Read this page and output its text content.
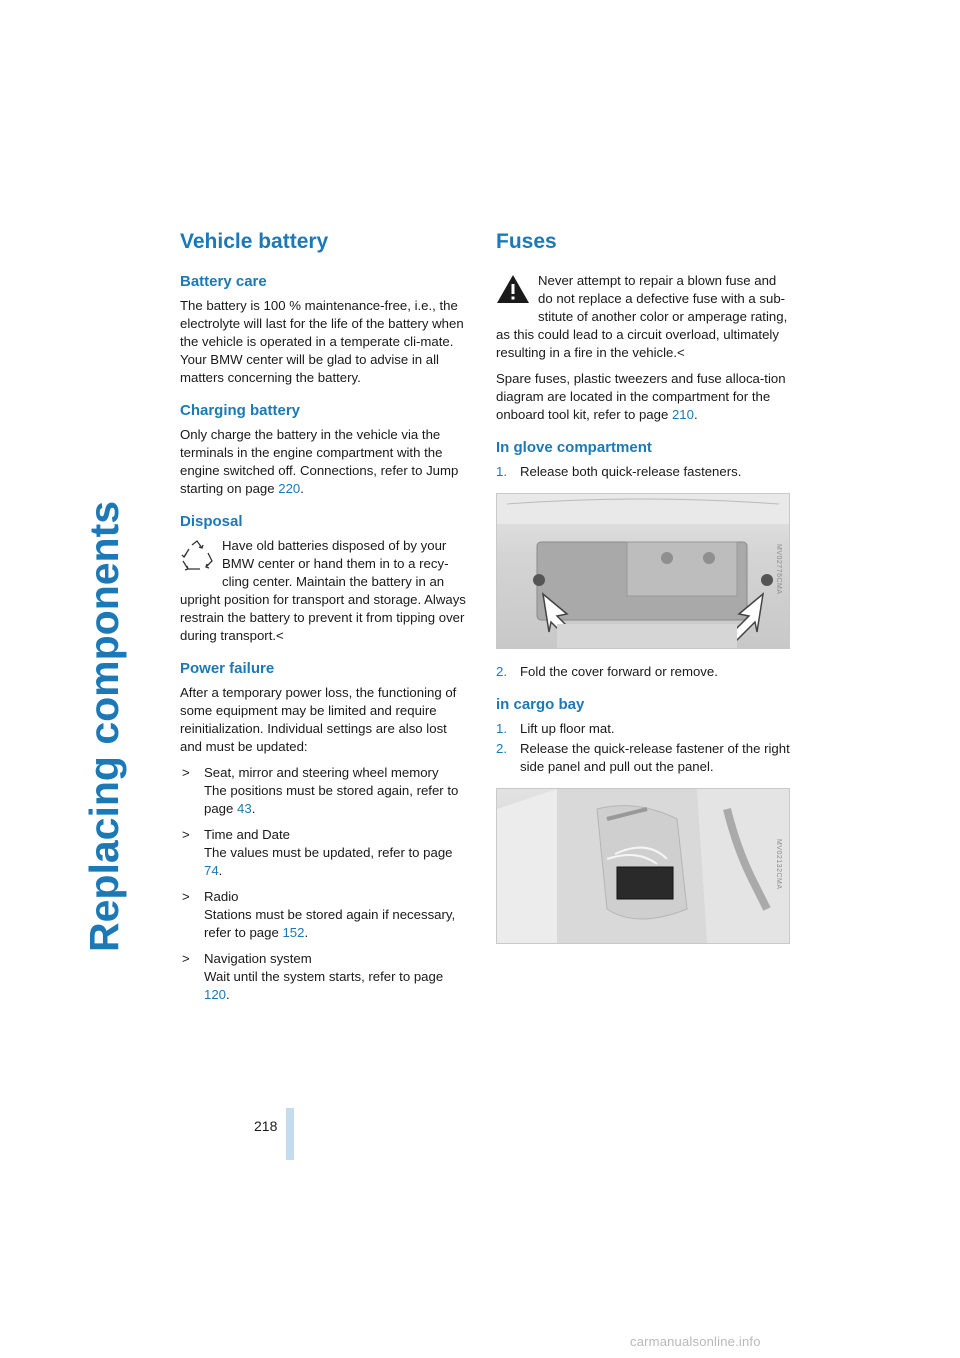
Replacing components
Vehicle battery
Battery care

The battery is 100 % maintenance-free, i.e., the electrolyte will last for the life of the battery when the vehicle is operated in a temperate cli-mate. Your BMW center will be glad to advise in all matters concerning the battery.

Charging battery

Only charge the battery in the vehicle via the terminals in the engine compartment with the engine switched off. Connections, refer to Jump starting on page 220.

Disposal

Have old batteries disposed of by your BMW center or hand them in to a recy-cling center. Maintain the battery in an upright position for transport and storage. Always restrain the battery to prevent it from tipping over during transport.<

Power failure

After a temporary power loss, the functioning of some equipment may be limited and require reinitialization. Individual settings are also lost and must be updated:

> Seat, mirror and steering wheel memory
The positions must be stored again, refer to page 43.
> Time and Date
The values must be updated, refer to page 74.
> Radio
Stations must be stored again if necessary, refer to page 152.
> Navigation system
Wait until the system starts, refer to page 120.
Fuses

Never attempt to repair a blown fuse and do not replace a defective fuse with a sub-stitute of another color or amperage rating, as this could lead to a circuit overload, ultimately resulting in a fire in the vehicle.<

Spare fuses, plastic tweezers and fuse alloca-tion diagram are located in the compartment for the onboard tool kit, refer to page 210.

In glove compartment
1. Release both quick-release fasteners.
MV02776CMA
2. Fold the cover forward or remove.
in cargo bay
1. Lift up floor mat.
2. Release the quick-release fastener of the right side panel and pull out the panel.
MV02132CMA
218
carmanualsonline.info
